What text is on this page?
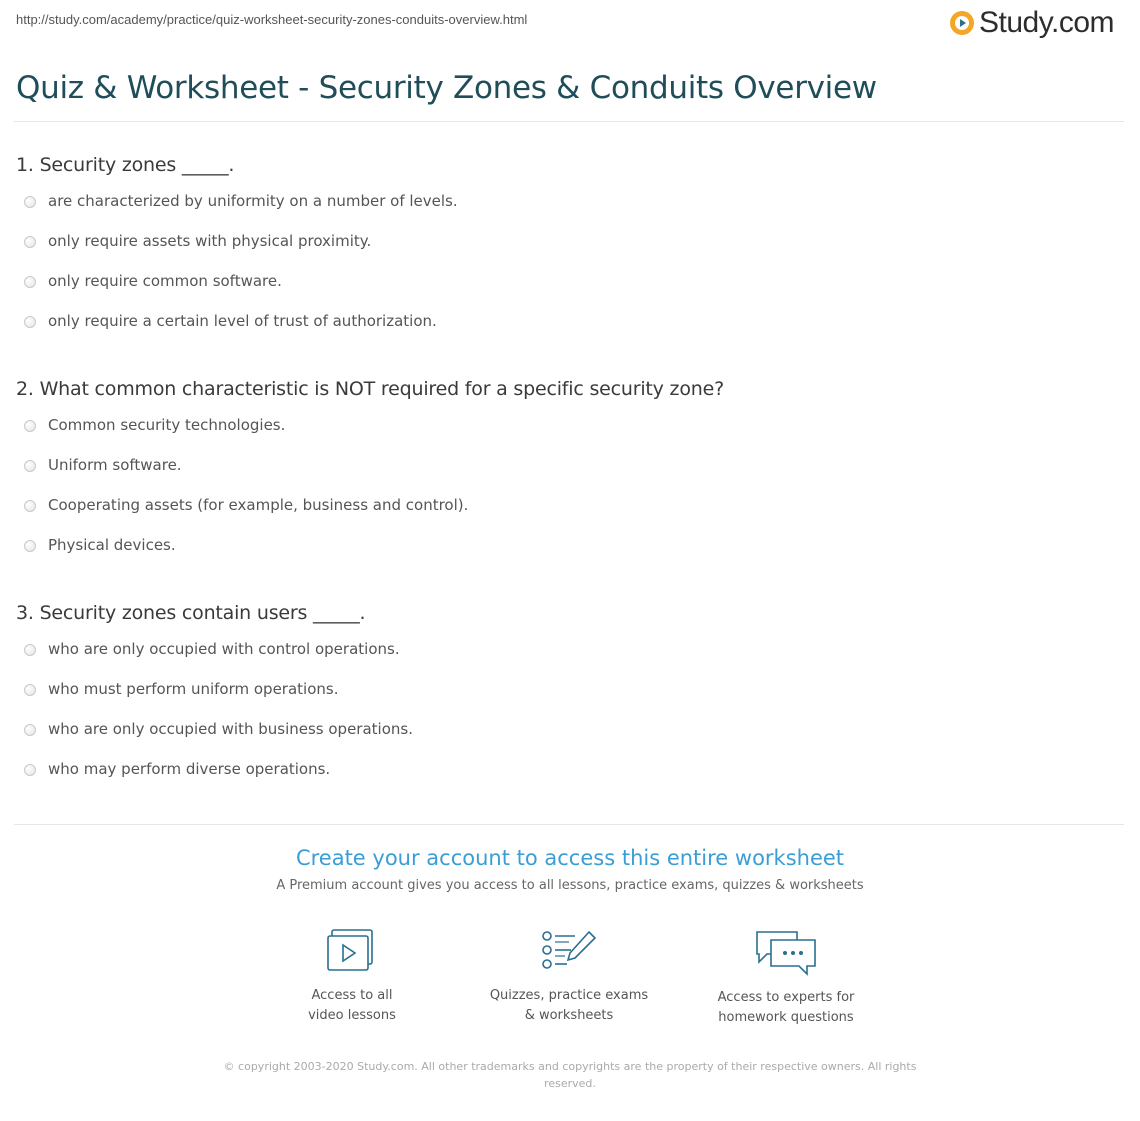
http://study.com/academy/practice/quiz-worksheet-security-zones-conduits-overview.html	Study.com
Quiz & Worksheet - Security Zones & Conduits Overview
1. Security zones _____.
are characterized by uniformity on a number of levels.
only require assets with physical proximity.
only require common software.
only require a certain level of trust of authorization.
2. What common characteristic is NOT required for a specific security zone?
Common security technologies.
Uniform software.
Cooperating assets (for example, business and control).
Physical devices.
3. Security zones contain users _____.
who are only occupied with control operations.
who must perform uniform operations.
who are only occupied with business operations.
who may perform diverse operations.
Create your account to access this entire worksheet
A Premium account gives you access to all lessons, practice exams, quizzes & worksheets
Access to all
video lessons
Quizzes, practice exams
& worksheets
Access to experts for
homework questions
© copyright 2003-2020 Study.com. All other trademarks and copyrights are the property of their respective owners. All rights reserved.
